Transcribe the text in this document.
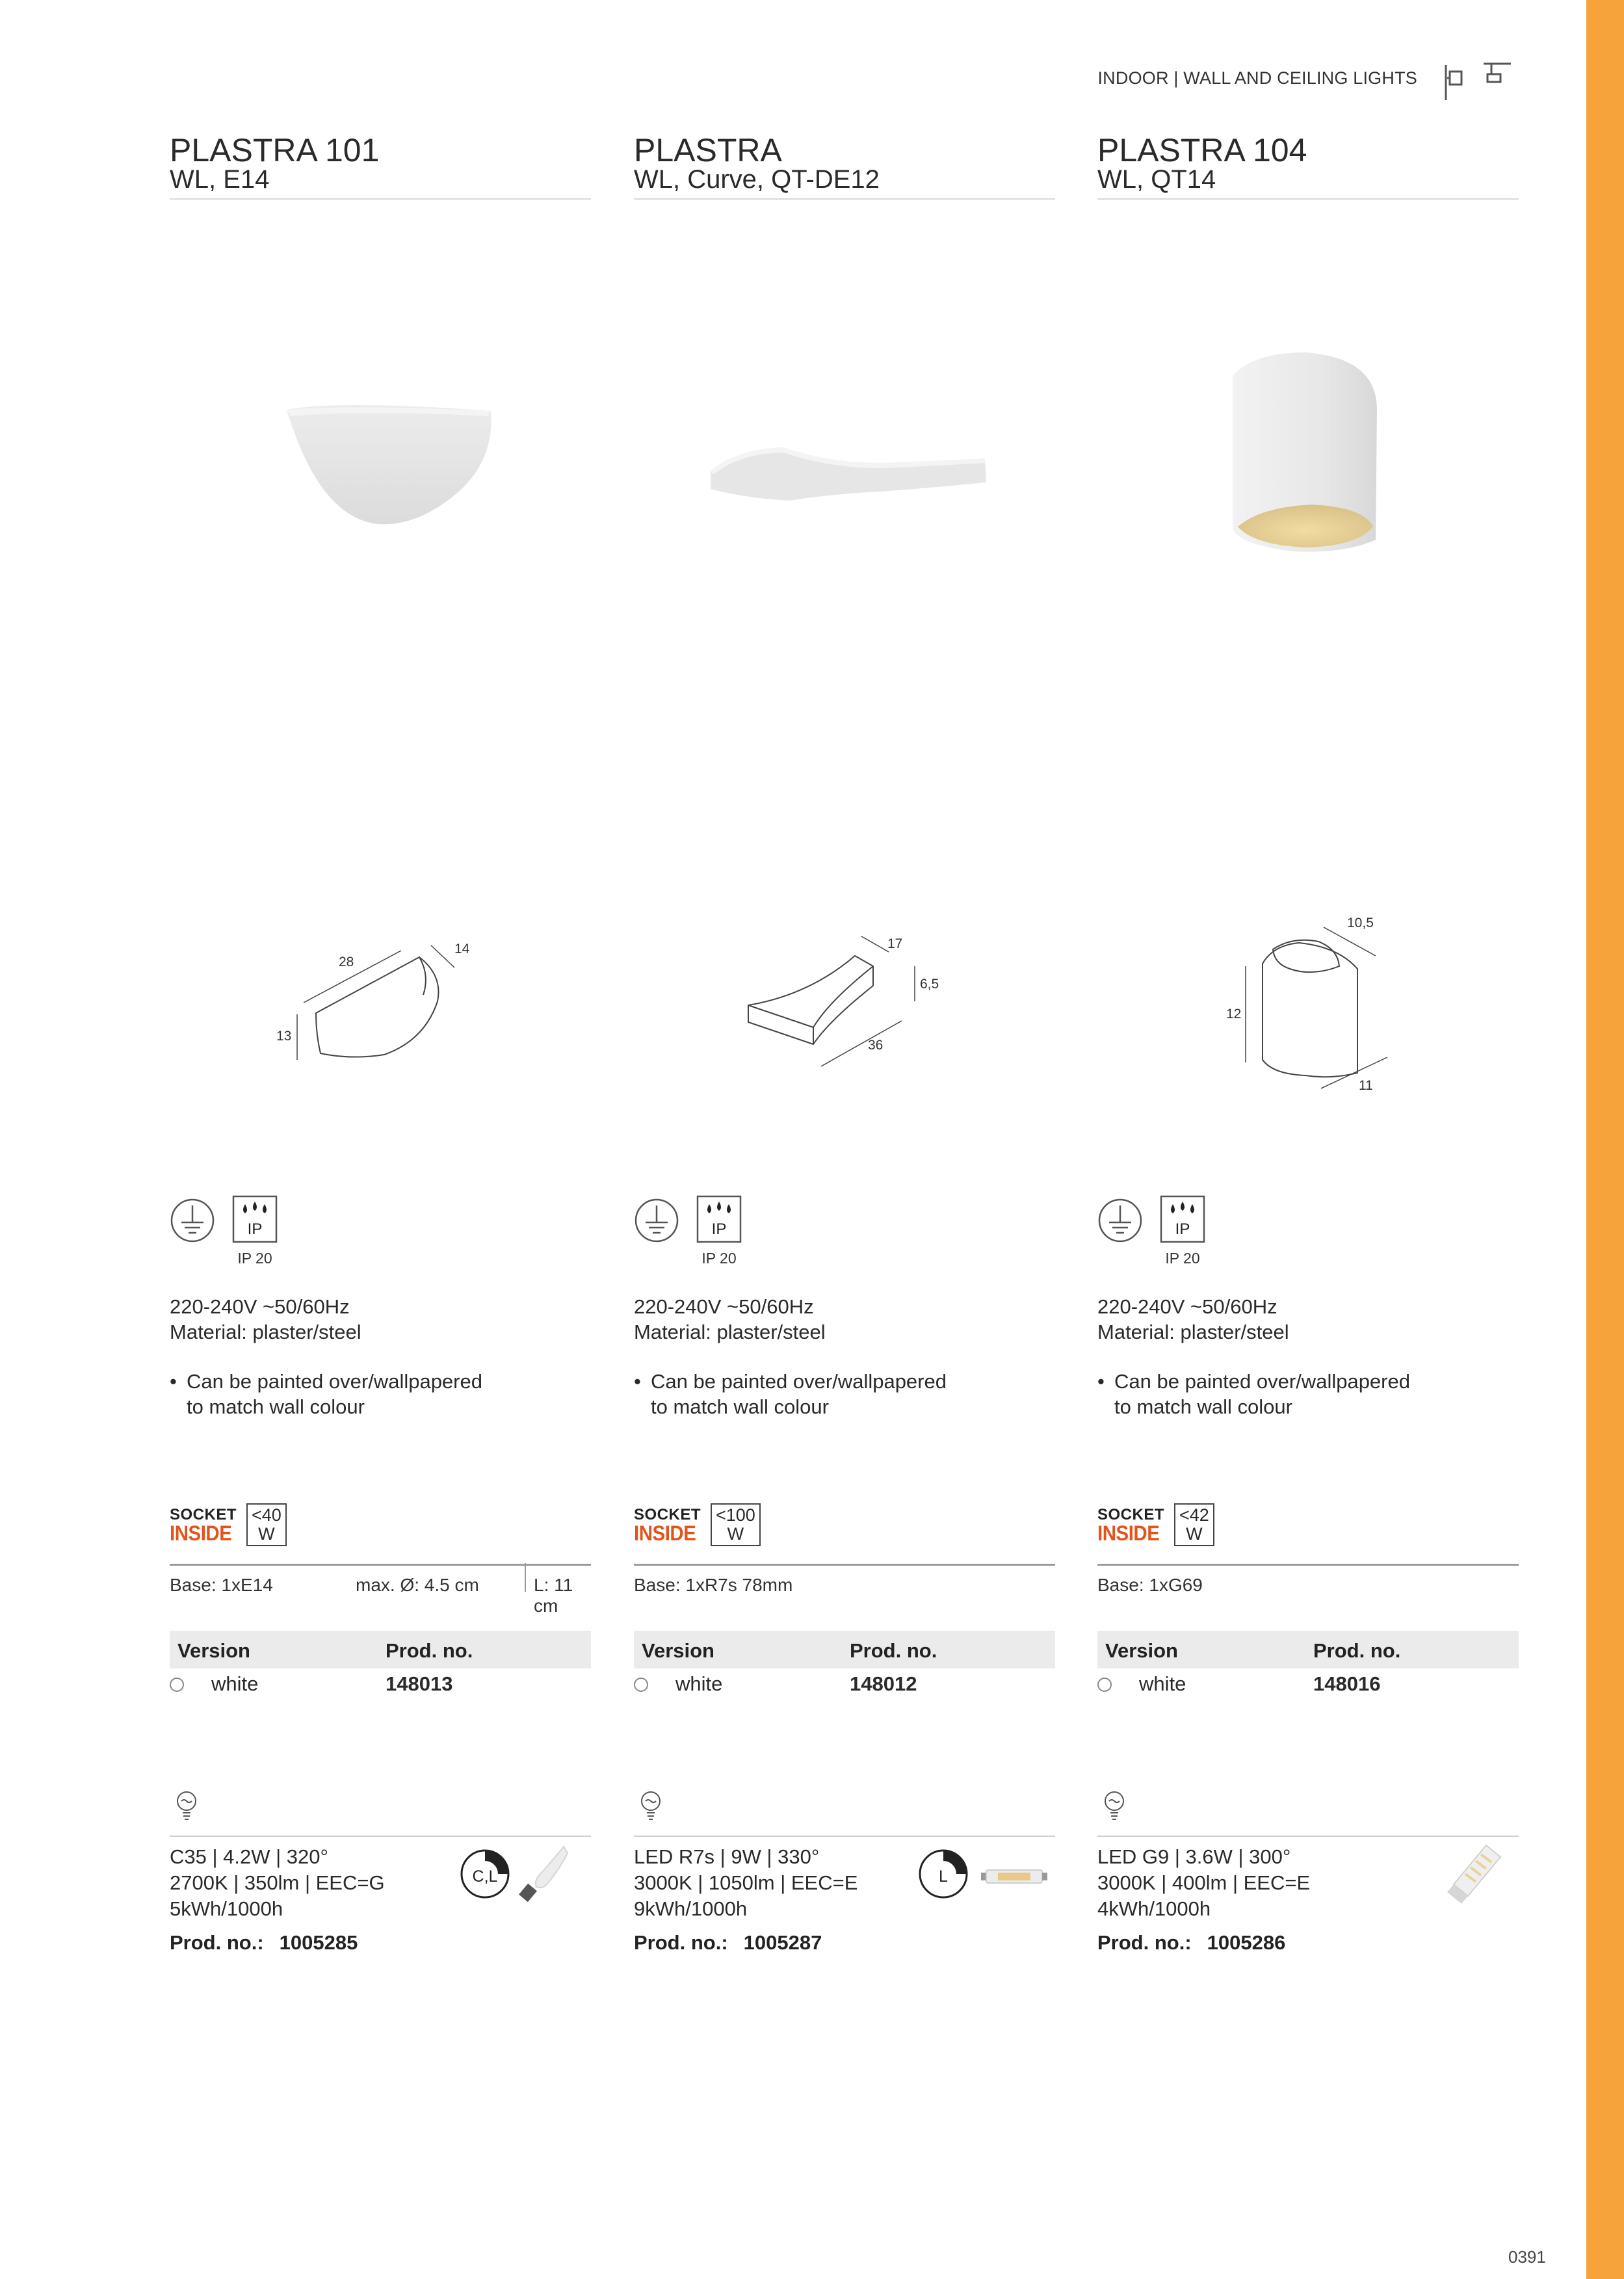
INDOOR | WALL AND CEILING LIGHTS
0391
PLASTRA 101
WL, E14
28
14
13
IP
IP 20
220-240V ~50/60Hz
Material: plaster/steel
• Can be painted over/wallpapered
to match wall colour
SOCKET
INSIDE
<40
W
Base: 1xE14	max. Ø: 4.5 cm	L: 11 cm
Version	Prod. no.
white	148013
C35 | 4.2W | 320°
2700K | 350lm | EEC=G
5kWh/1000h
Prod. no.: 1005285
C,L
PLASTRA
WL, Curve, QT-DE12
17
6,5
36
IP
IP 20
220-240V ~50/60Hz
Material: plaster/steel
• Can be painted over/wallpapered
to match wall colour
SOCKET
INSIDE
<100
W
Base: 1xR7s 78mm
Version	Prod. no.
white	148012
LED R7s | 9W | 330°
3000K | 1050lm | EEC=E
9kWh/1000h
Prod. no.: 1005287
L
PLASTRA 104
WL, QT14
10,5
12
11
IP
IP 20
220-240V ~50/60Hz
Material: plaster/steel
• Can be painted over/wallpapered
to match wall colour
SOCKET
INSIDE
<42
W
Base: 1xG69
Version	Prod. no.
white	148016
LED G9 | 3.6W | 300°
3000K | 400lm | EEC=E
4kWh/1000h
Prod. no.: 1005286
